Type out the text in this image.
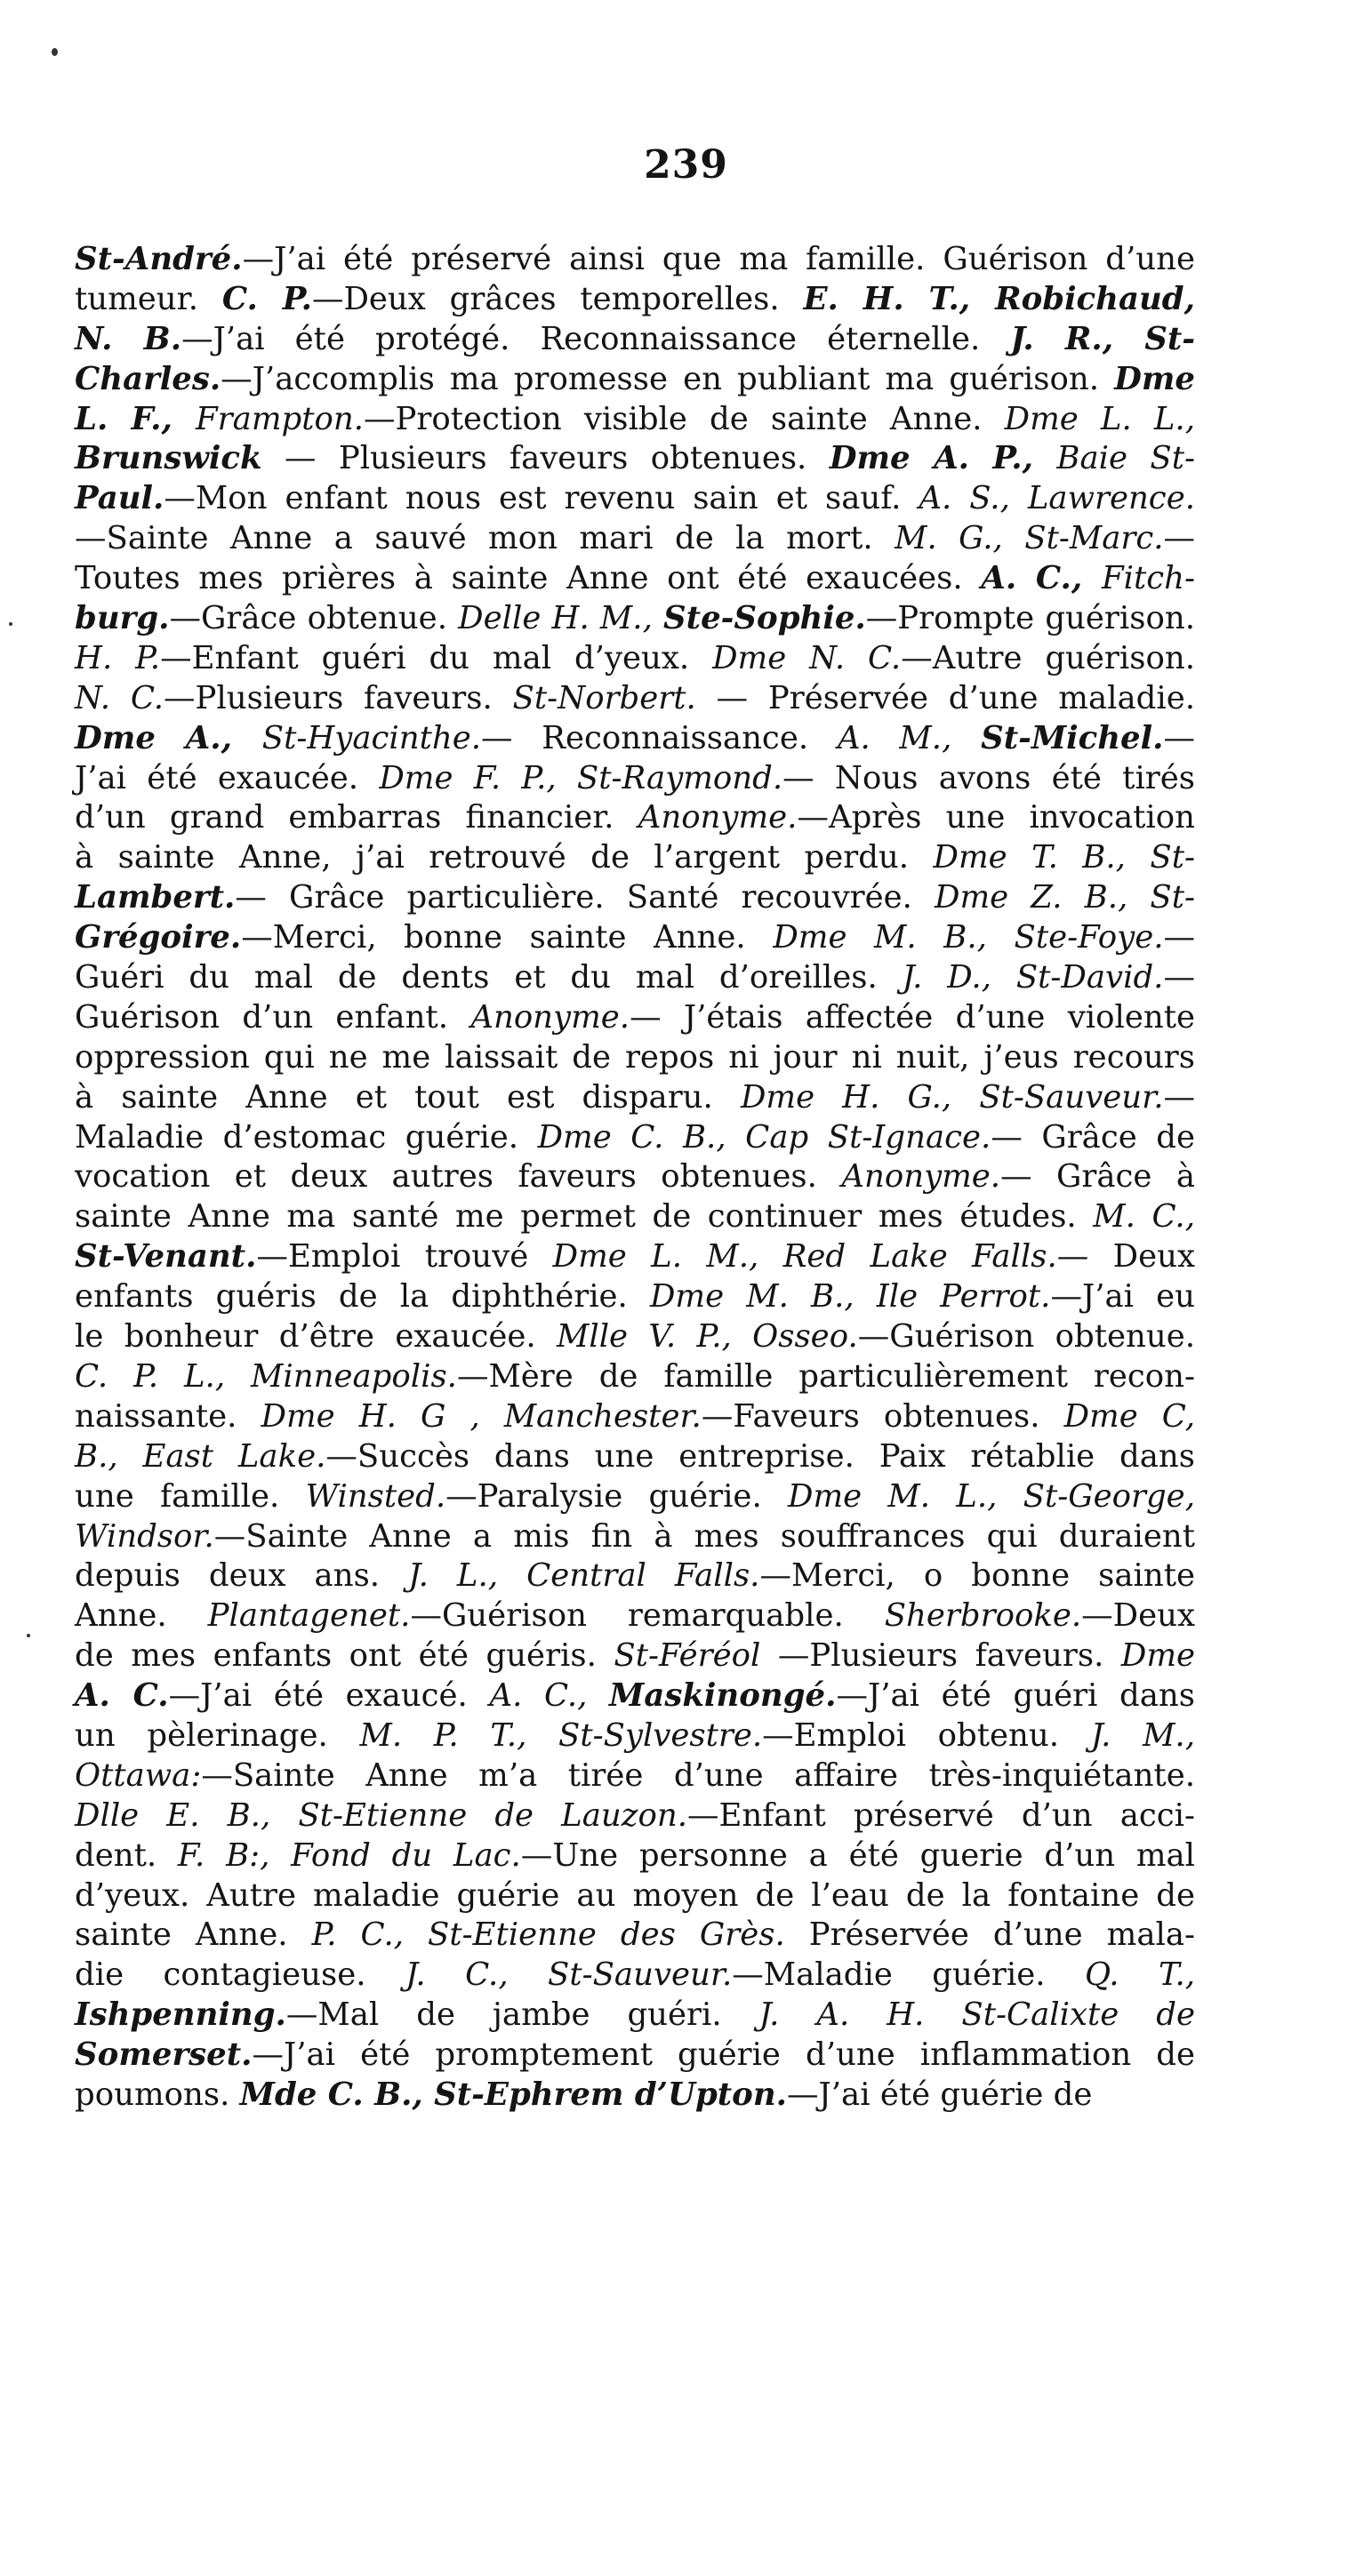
239
St-André.—J’ai été préservé ainsi que ma famille. Guérison d’une
tumeur. C. P.—Deux grâces temporelles. E. H. T., Robichaud,
N. B.—J’ai été protégé. Reconnaissance éternelle. J. R., St-
Charles.—J’accomplis ma promesse en publiant ma guérison. Dme
L. F., Frampton.—Protection visible de sainte Anne. Dme L. L.,
Brunswick — Plusieurs faveurs obtenues. Dme A. P., Baie St-
Paul.—Mon enfant nous est revenu sain et sauf. A. S., Lawrence.
—Sainte Anne a sauvé mon mari de la mort. M. G., St-Marc.—
Toutes mes prières à sainte Anne ont été exaucées. A. C., Fitch-
burg.—Grâce obtenue. Delle H. M., Ste-Sophie.—Prompte guérison.
H. P.—Enfant guéri du mal d’yeux. Dme N. C.—Autre guérison.
N. C.—Plusieurs faveurs. St-Norbert. — Préservée d’une maladie.
Dme A., St-Hyacinthe.— Reconnaissance. A. M., St-Michel.—
J’ai été exaucée. Dme F. P., St-Raymond.— Nous avons été tirés
d’un grand embarras financier. Anonyme.—Après une invocation
à sainte Anne, j’ai retrouvé de l’argent perdu. Dme T. B., St-
Lambert.— Grâce particulière. Santé recouvrée. Dme Z. B., St-
Grégoire.—Merci, bonne sainte Anne. Dme M. B., Ste-Foye.—
Guéri du mal de dents et du mal d’oreilles. J. D., St-David.—
Guérison d’un enfant. Anonyme.— J’étais affectée d’une violente
oppression qui ne me laissait de repos ni jour ni nuit, j’eus recours
à sainte Anne et tout est disparu. Dme H. G., St-Sauveur.—
Maladie d’estomac guérie. Dme C. B., Cap St-Ignace.— Grâce de
vocation et deux autres faveurs obtenues. Anonyme.— Grâce à
sainte Anne ma santé me permet de continuer mes études. M. C.,
St-Venant.—Emploi trouvé Dme L. M., Red Lake Falls.— Deux
enfants guéris de la diphthérie. Dme M. B., Ile Perrot.—J’ai eu
le bonheur d’être exaucée. Mlle V. P., Osseo.—Guérison obtenue.
C. P. L., Minneapolis.—Mère de famille particulièrement recon-
naissante. Dme H. G , Manchester.—Faveurs obtenues. Dme C,
B., East Lake.—Succès dans une entreprise. Paix rétablie dans
une famille. Winsted.—Paralysie guérie. Dme M. L., St-George,
Windsor.—Sainte Anne a mis fin à mes souffrances qui duraient
depuis deux ans. J. L., Central Falls.—Merci, o bonne sainte
Anne. Plantagenet.—Guérison remarquable. Sherbrooke.—Deux
de mes enfants ont été guéris. St-Féréol —Plusieurs faveurs. Dme
A. C.—J’ai été exaucé. A. C., Maskinongé.—J’ai été guéri dans
un pèlerinage. M. P. T., St-Sylvestre.—Emploi obtenu. J. M.,
Ottawa:—Sainte Anne m’a tirée d’une affaire très-inquiétante.
Dlle E. B., St-Etienne de Lauzon.—Enfant préservé d’un acci-
dent. F. B:, Fond du Lac.—Une personne a été guerie d’un mal
d’yeux. Autre maladie guérie au moyen de l’eau de la fontaine de
sainte Anne. P. C., St-Etienne des Grès. Préservée d’une mala-
die contagieuse. J. C., St-Sauveur.—Maladie guérie. Q. T.,
Ishpenning.—Mal de jambe guéri. J. A. H. St-Calixte de
Somerset.—J’ai été promptement guérie d’une inflammation de
poumons. Mde C. B., St-Ephrem d’Upton.—J’ai été guérie de
